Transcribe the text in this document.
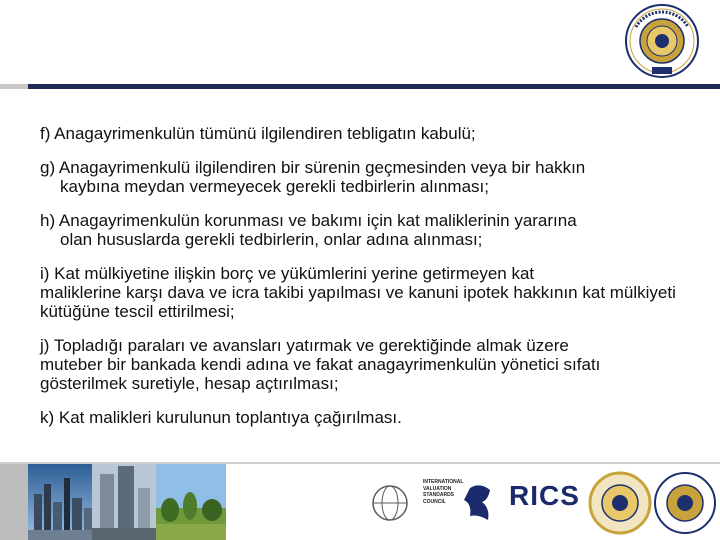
f) Anagayrimenkulün tümünü ilgilendiren tebligatın kabulü;
g) Anagayrimenkulü ilgilendiren bir sürenin geçmesinden veya bir hakkın
kaybına meydan vermeyecek gerekli tedbirlerin alınması;
h) Anagayrimenkulün korunması ve bakımı için kat maliklerinin yararına
olan hususlarda gerekli tedbirlerin, onlar adına alınması;
i) Kat mülkiyetine ilişkin borç ve yükümlerini yerine getirmeyen kat
maliklerine karşı dava ve icra takibi yapılması ve kanuni ipotek hakkının kat mülkiyeti kütüğüne tescil ettirilmesi;
j) Topladığı paraları ve avansları yatırmak ve gerektiğinde almak üzere
muteber bir bankada kendi adına ve fakat anagayrimenkulün yönetici sıfatı gösterilmek suretiyle, hesap açtırılması;
k) Kat malikleri kurulunun toplantıya çağırılması.
INTERNATIONAL VALUATION STANDARDS COUNCIL	RICS
